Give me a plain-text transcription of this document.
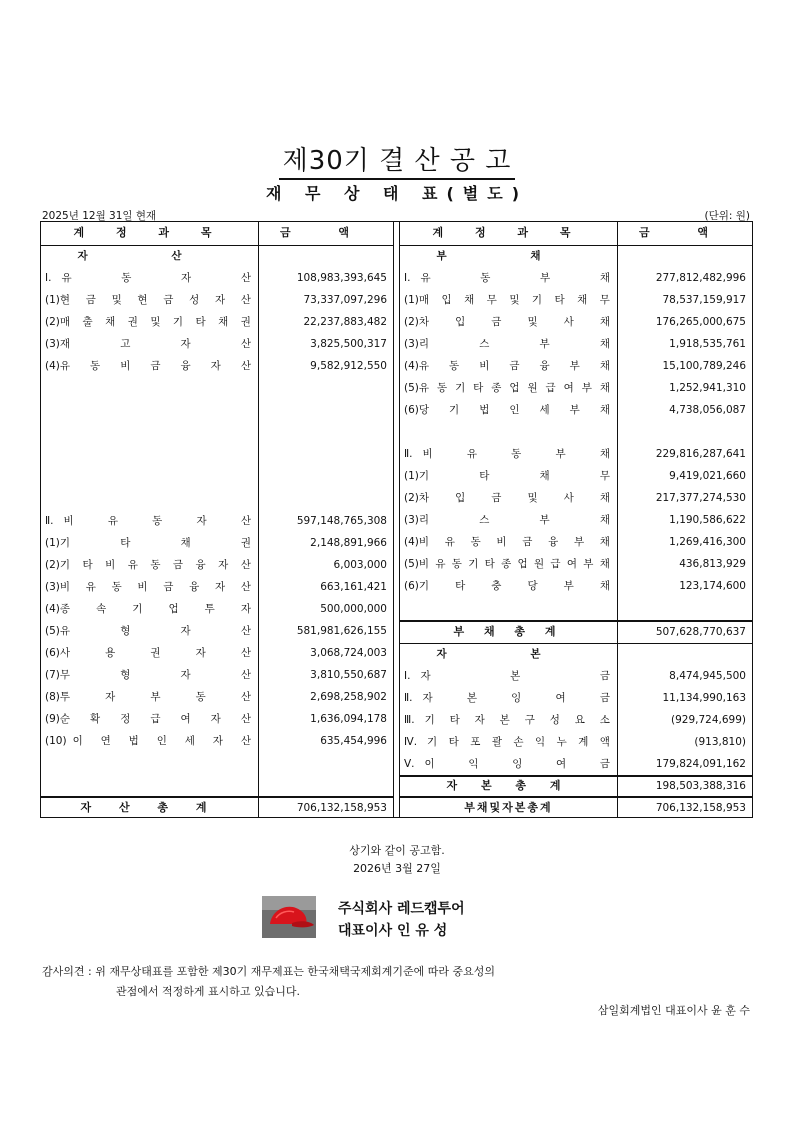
제30기 결 산 공 고
재 무 상 태 표(별도)
2025년 12월 31일 현재	(단위: 원)
계 정 과 목	금 액
자 산
Ⅰ. 유	동	자	산	108,983,393,645
(1) 현 금 및 현 금 성 자 산	73,337,097,296
(2) 매 출 채 권 및 기 타 채 권	22,237,883,482
(3) 재	고	자	산	3,825,500,317
(4) 유 동 비 금 융 자 산	9,582,912,550
Ⅱ. 비	유	동	자	산	597,148,765,308
(1) 기	타	채	권	2,148,891,966
(2) 기 타 비 유 동 금 융 자 산	6,003,000
(3) 비 유 동 비 금 융 자 산	663,161,421
(4) 종 속 기 업 투 자	500,000,000
(5) 유	형	자	산	581,981,626,155
(6) 사	용	권	자	산	3,068,724,003
(7) 무	형	자	산	3,810,550,687
(8) 투	자	부	동	산	2,698,258,902
(9) 순 확 정 급 여 자 산	1,636,094,178
(10) 이 연 법 인 세 자 산	635,454,996
자 산 총 계	706,132,158,953
계 정 과 목	금 액
부 채
Ⅰ. 유	동	부	채	277,812,482,996
(1) 매 입 채 무 및 기 타 채 무	78,537,159,917
(2) 차 입 금 및 사 채	176,265,000,675
(3) 리	스	부	채	1,918,535,761
(4) 유 동 비 금 융 부 채	15,100,789,246
(5) 유 동 기 타 종 업 원 급 여 부 채	1,252,941,310
(6) 당 기 법 인 세 부 채	4,738,056,087
Ⅱ. 비	유	동	부	채	229,816,287,641
(1) 기	타	채	무	9,419,021,660
(2) 차 입 금 및 사 채	217,377,274,530
(3) 리	스	부	채	1,190,586,622
(4) 비 유 동 비 금 융 부 채	1,269,416,300
(5) 비 유 동 기 타 종 업 원 급 여 부 채	436,813,929
(6) 기 타 충 당 부 채	123,174,600
부 채 총 계	507,628,770,637
자 본
Ⅰ. 자	본	금	8,474,945,500
Ⅱ. 자	본	잉	여	금	11,134,990,163
Ⅲ. 기 타 자 본 구 성 요 소	(929,724,699)
Ⅳ. 기 타 포 괄 손 익 누 계 액	(913,810)
Ⅴ. 이	익	잉	여	금	179,824,091,162
자 본 총 계	198,503,388,316
부채및자본총계	706,132,158,953
상기와 같이 공고함.
2026년 3월 27일
주식회사 레드캡투어
대표이사 인 유 성
감사의견 : 위 재무상태표를 포함한 제30기 재무제표는 한국채택국제회계기준에 따라 중요성의
관점에서 적정하게 표시하고 있습니다.
삼일회계법인 대표이사 윤 훈 수
